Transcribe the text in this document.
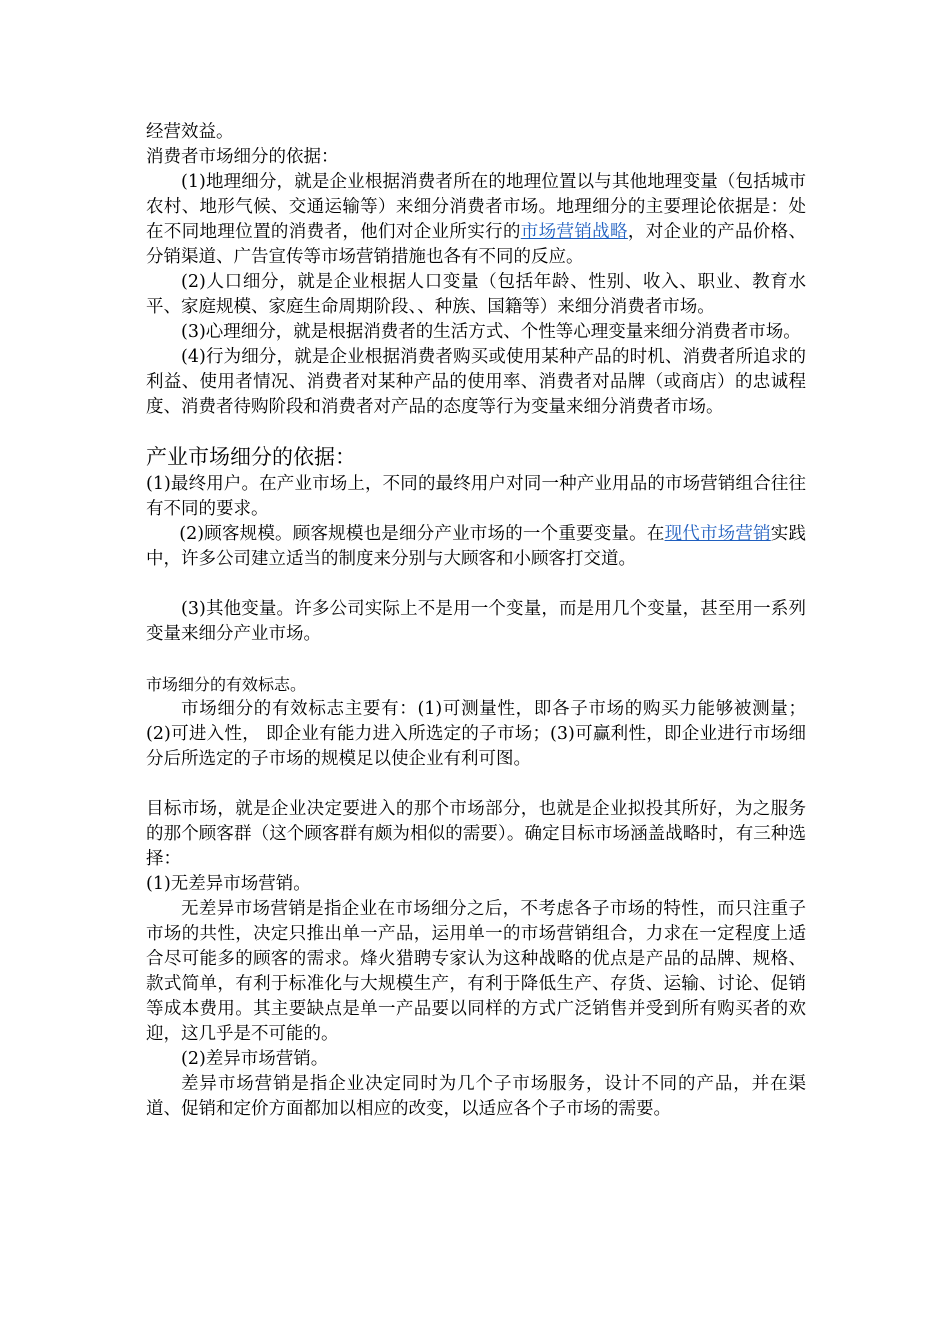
经营效益。

消费者市场细分的依据：

(1)地理细分，就是企业根据消费者所在的地理位置以与其他地理变量（包括城市农村、地形气候、交通运输等）来细分消费者市场。地理细分的主要理论依据是：处在不同地理位置的消费者，他们对企业所实行的市场营销战略，对企业的产品价格、分销渠道、广告宣传等市场营销措施也各有不同的反应。

(2)人口细分，就是企业根据人口变量（包括年龄、性别、收入、职业、教育水平、家庭规模、家庭生命周期阶段、、种族、国籍等）来细分消费者市场。

(3)心理细分，就是根据消费者的生活方式、个性等心理变量来细分消费者市场。

(4)行为细分，就是企业根据消费者购买或使用某种产品的时机、消费者所追求的利益、使用者情况、消费者对某种产品的使用率、消费者对品牌（或商店）的忠诚程度、消费者待购阶段和消费者对产品的态度等行为变量来细分消费者市场。

产业市场细分的依据：

(1)最终用户。在产业市场上，不同的最终用户对同一种产业用品的市场营销组合往往有不同的要求。

(2)顾客规模。顾客规模也是细分产业市场的一个重要变量。在现代市场营销实践中，许多公司建立适当的制度来分别与大顾客和小顾客打交道。

(3)其他变量。许多公司实际上不是用一个变量，而是用几个变量，甚至用一系列变量来细分产业市场。

市场细分的有效标志。

市场细分的有效标志主要有：(1)可测量性，即各子市场的购买力能够被测量；(2)可进入性， 即企业有能力进入所选定的子市场；(3)可赢利性，即企业进行市场细分后所选定的子市场的规模足以使企业有利可图。

目标市场，就是企业决定要进入的那个市场部分，也就是企业拟投其所好，为之服务的那个顾客群（这个顾客群有颇为相似的需要）。确定目标市场涵盖战略时，有三种选择：

(1)无差异市场营销。

无差异市场营销是指企业在市场细分之后，不考虑各子市场的特性，而只注重子市场的共性，决定只推出单一产品，运用单一的市场营销组合，力求在一定程度上适合尽可能多的顾客的需求。烽火猎聘专家认为这种战略的优点是产品的品牌、规格、款式简单，有利于标准化与大规模生产，有利于降低生产、存货、运输、讨论、促销等成本费用。其主要缺点是单一产品要以同样的方式广泛销售并受到所有购买者的欢迎，这几乎是不可能的。

(2)差异市场营销。

差异市场营销是指企业决定同时为几个子市场服务，设计不同的产品，并在渠道、促销和定价方面都加以相应的改变，以适应各个子市场的需要。
